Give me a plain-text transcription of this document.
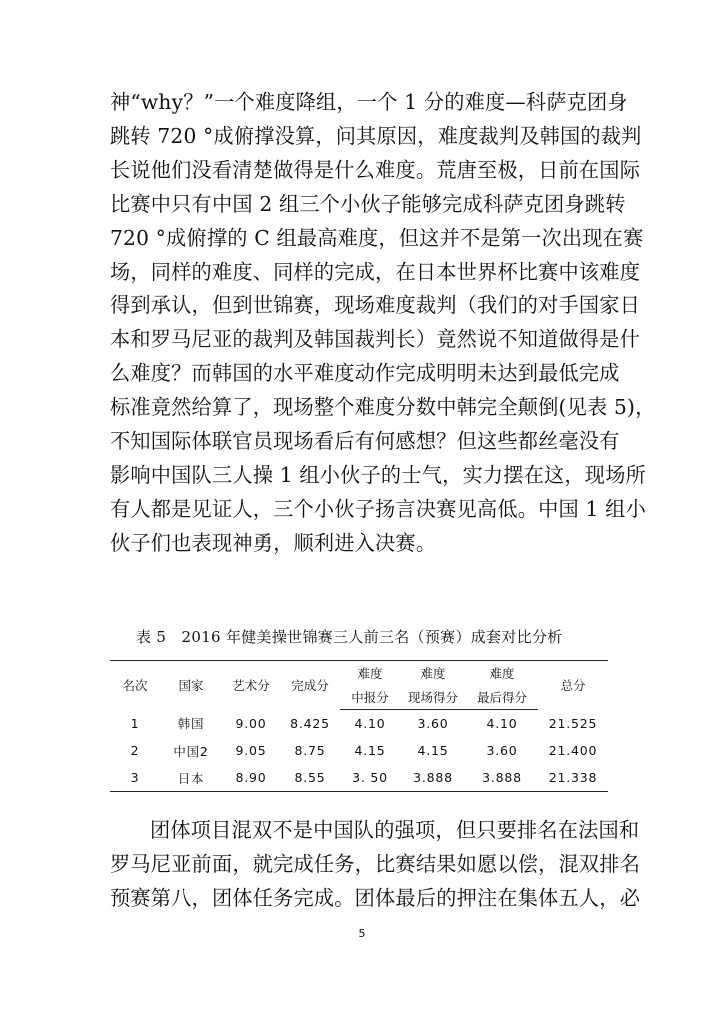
神“why？”一个难度降组，一个 1 分的难度—科萨克团身
跳转 720 °成俯撑没算，问其原因，难度裁判及韩国的裁判
长说他们没看清楚做得是什么难度。荒唐至极，日前在国际
比赛中只有中国 2 组三个小伙子能够完成科萨克团身跳转
720 °成俯撑的 C 组最高难度，但这并不是第一次出现在赛
场，同样的难度、同样的完成，在日本世界杯比赛中该难度
得到承认，但到世锦赛，现场难度裁判（我们的对手国家日
本和罗马尼亚的裁判及韩国裁判长）竟然说不知道做得是什
么难度？而韩国的水平难度动作完成明明未达到最低完成
标准竟然给算了，现场整个难度分数中韩完全颠倒(见表 5)，
不知国际体联官员现场看后有何感想？但这些都丝毫没有
影响中国队三人操 1 组小伙子的士气，实力摆在这，现场所
有人都是见证人，三个小伙子扬言决赛见高低。中国 1 组小
伙子们也表现神勇，顺利进入决赛。
表 5　2016 年健美操世锦赛三人前三名（预赛）成套对比分析
名次	国家	艺术分	完成分	难度	难度	难度	总分
				中报分	现场得分	最后得分	
1	韩国	9.00	8.425	4.10	3.60	4.10	21.525
2	中国2	9.05	8.75	4.15	4.15	3.60	21.400
3	日本	8.90	8.55	3. 50	3.888	3.888	21.338
团体项目混双不是中国队的强项，但只要排名在法国和
罗马尼亚前面，就完成任务，比赛结果如愿以偿，混双排名
预赛第八，团体任务完成。团体最后的押注在集体五人，必
5
